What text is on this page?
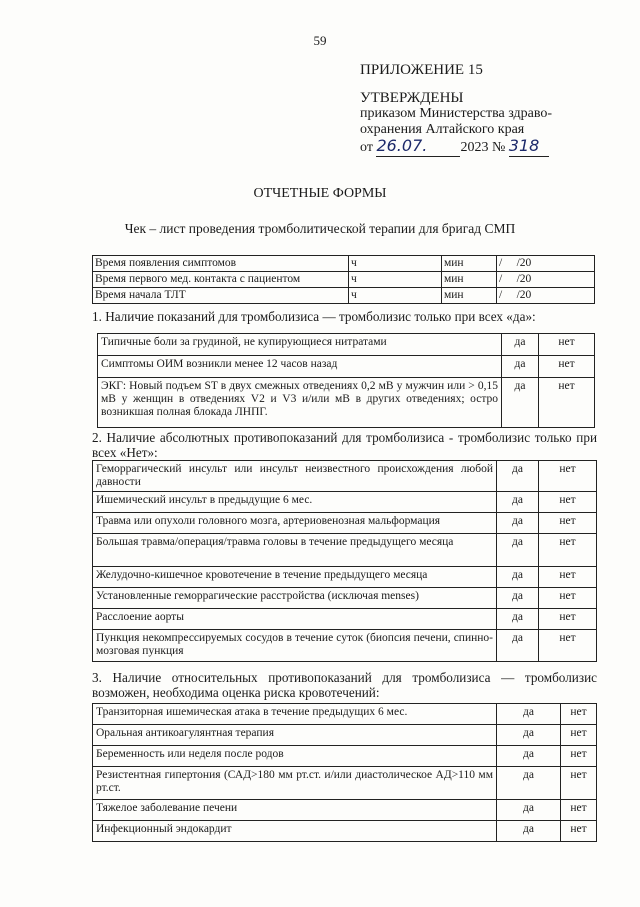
59
ПРИЛОЖЕНИЕ 15
УТВЕРЖДЕНЫ
приказом Министерства здраво-
охранения Алтайского края
от 26.07. 2023 № 318
ОТЧЕТНЫЕ ФОРМЫ
Чек – лист проведения тромболитической терапии для бригад СМП
Время появления симптомов	ч	мин	/     /20
Время первого мед. контакта с пациентом	ч	мин	/     /20
Время начала ТЛТ	ч	мин	/     /20
1. Наличие показаний для тромболизиса — тромболизис только при всех «да»:
Типичные боли за грудиной, не купирующиеся нитратами	да	нет
Симптомы ОИМ возникли менее 12 часов назад	да	нет
ЭКГ: Новый подъем ST в двух смежных отведениях 0,2 мВ у мужчин или > 0,15 мВ у женщин в отведениях V2 и V3 и/или мВ в других отведениях; остро возникшая полная блокада ЛНПГ.	да	нет
2. Наличие абсолютных противопоказаний для тромболизиса - тромболизис только при всех «Нет»:
Геморрагический инсульт или инсульт неизвестного происхождения любой давности	да	нет
Ишемический инсульт в предыдущие 6 мес.	да	нет
Травма или опухоли головного мозга, артериовенозная мальформация	да	нет
Большая травма/операция/травма головы в течение предыдущего месяца	да	нет
Желудочно-кишечное кровотечение в течение предыдущего месяца	да	нет
Установленные геморрагические расстройства (исключая menses)	да	нет
Расслоение аорты	да	нет
Пункция некомпрессируемых сосудов в течение суток (биопсия печени, спинно-мозговая пункция	да	нет
3. Наличие относительных противопоказаний для тромболизиса — тромболизис возможен, необходима оценка риска кровотечений:
Транзиторная ишемическая атака в течение предыдущих 6 мес.	да	нет
Оральная антикоагулянтная терапия	да	нет
Беременность или неделя после родов	да	нет
Резистентная гипертония (САД>180 мм рт.ст. и/или диастолическое АД>110 мм рт.ст.	да	нет
Тяжелое заболевание печени	да	нет
Инфекционный эндокардит	да	нет
